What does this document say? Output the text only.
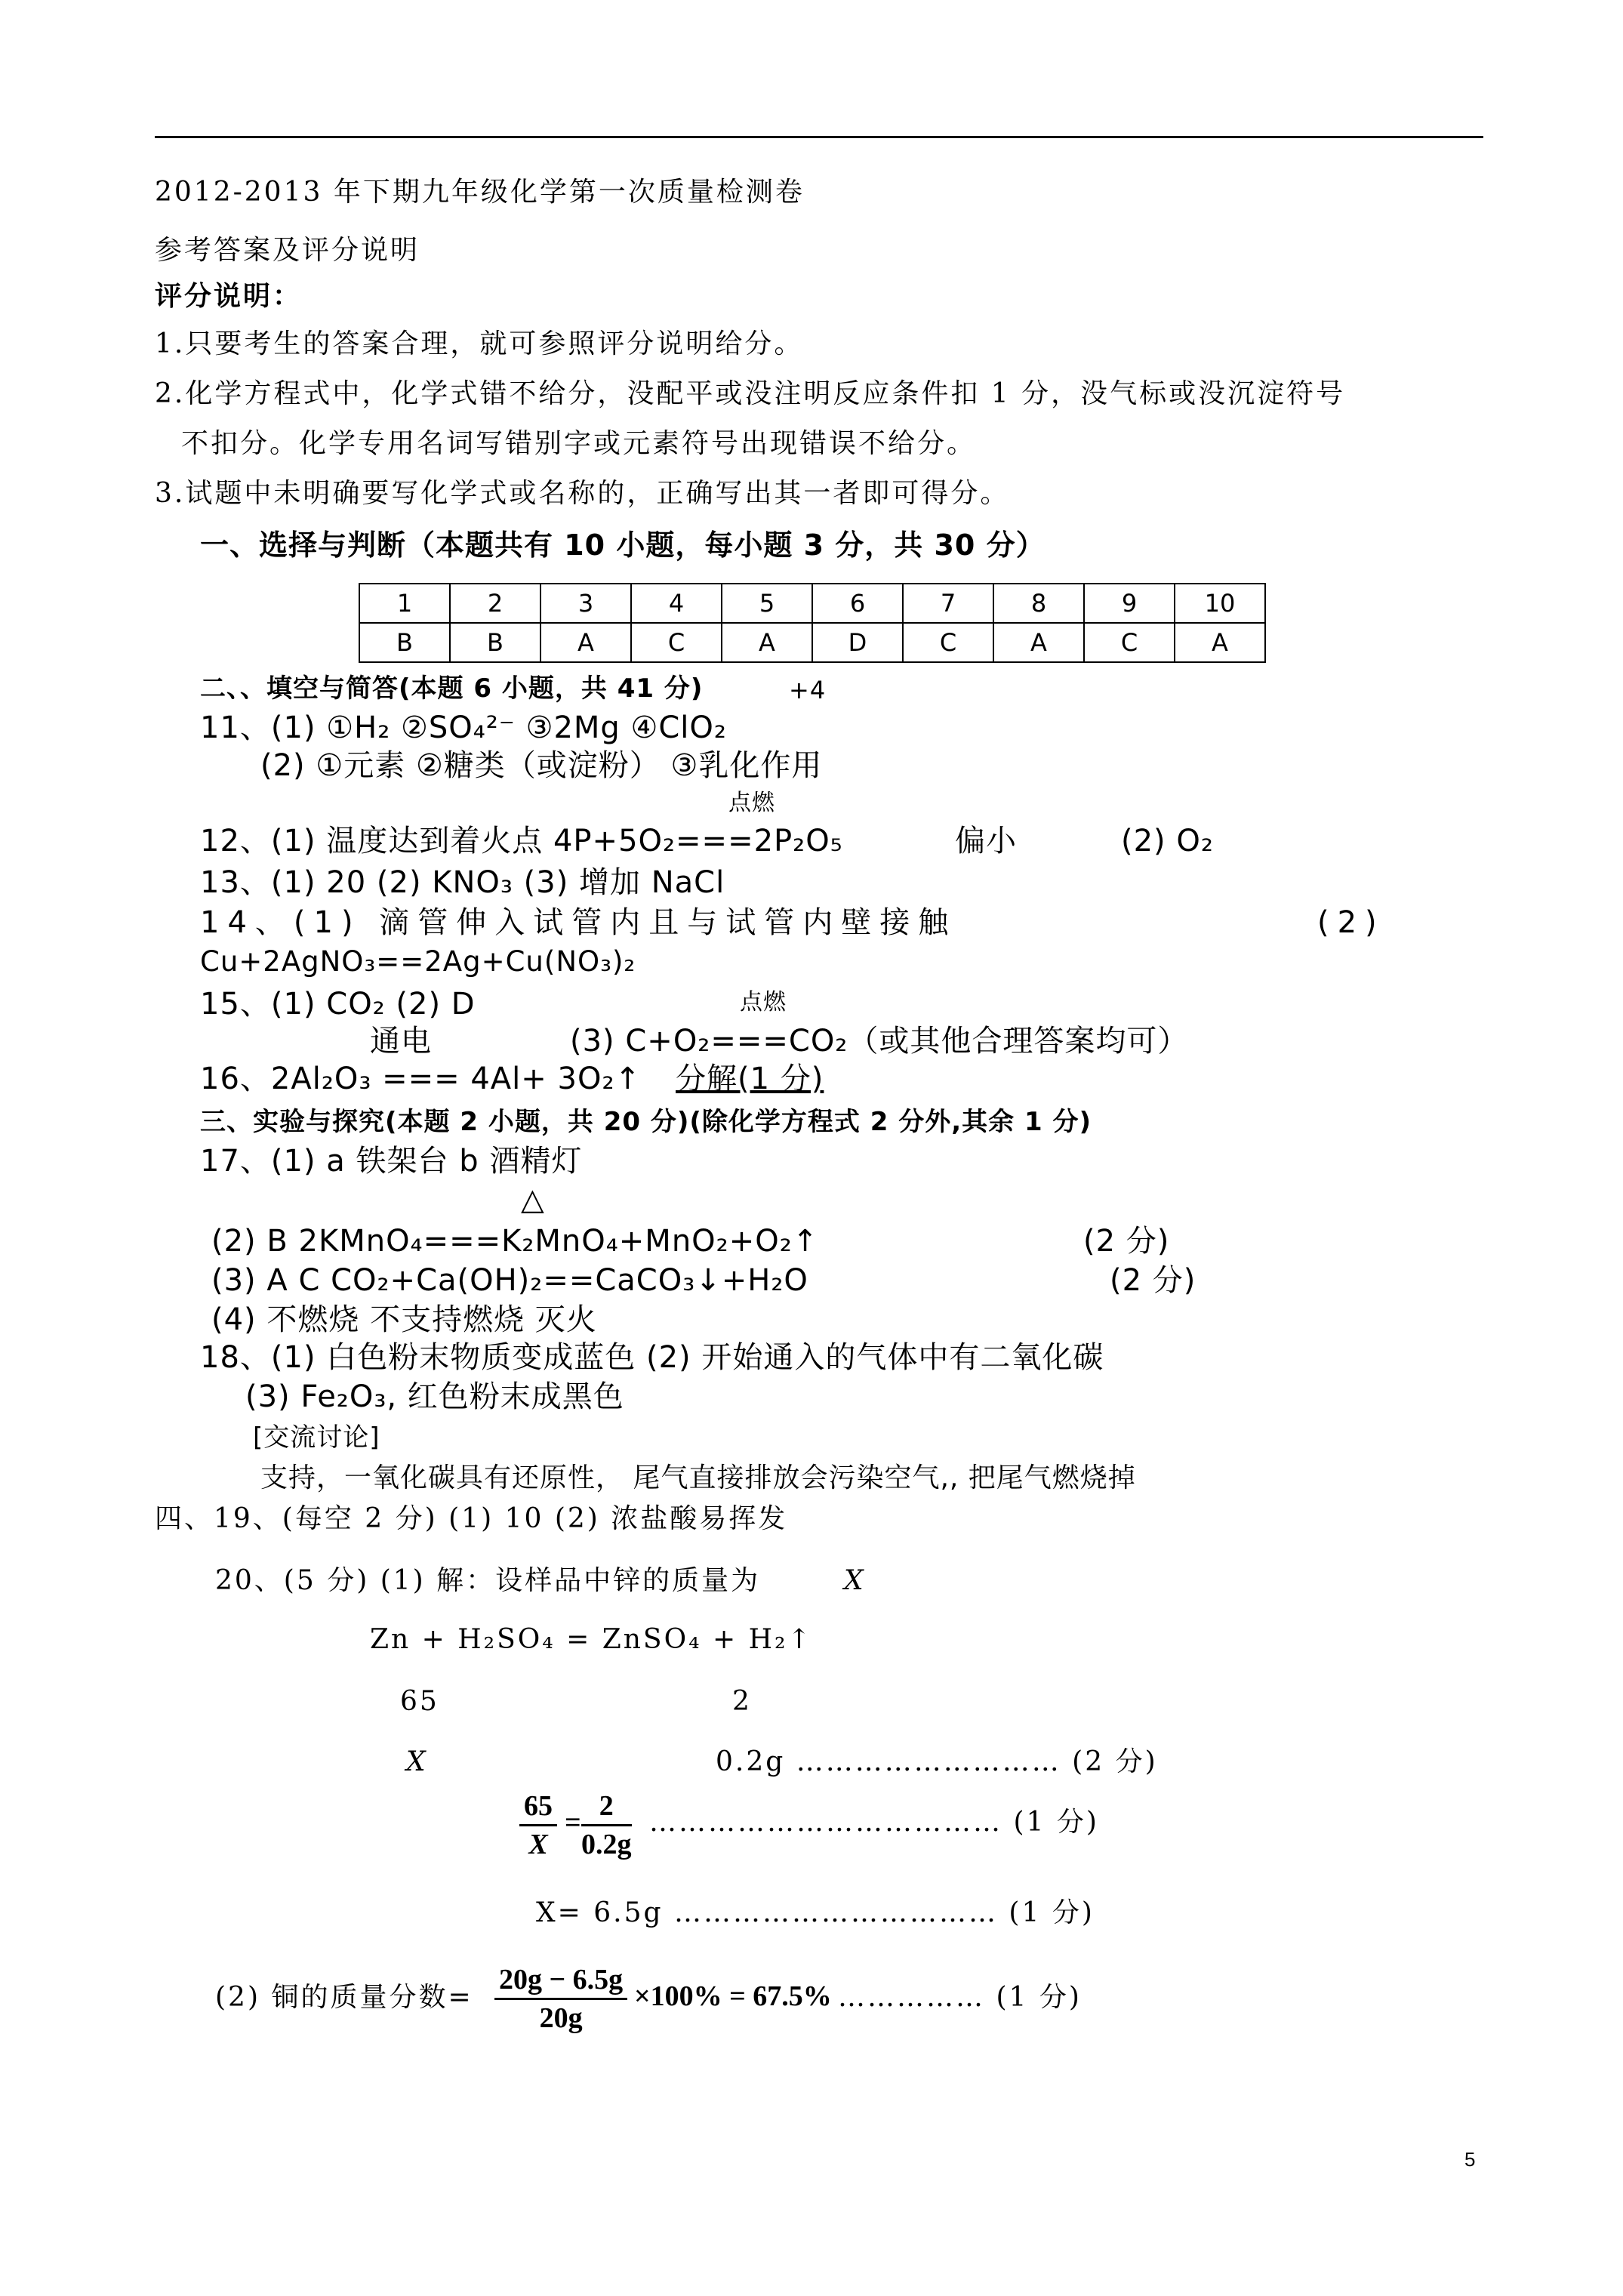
2012-2013 年下期九年级化学第一次质量检测卷
参考答案及评分说明
评分说明：
1.只要考生的答案合理，就可参照评分说明给分。
2.化学方程式中，化学式错不给分，没配平或没注明反应条件扣 1 分，没气标或没沉淀符号
不扣分。化学专用名词写错别字或元素符号出现错误不给分。
3.试题中未明确要写化学式或名称的，正确写出其一者即可得分。
一、选择与判断（本题共有 10 小题，每小题 3 分，共 30 分）
1	2	3	4	5	6	7	8	9	10
B	B	A	C	A	D	C	A	C	A
二、、填空与简答(本题 6 小题，共 41 分)	+4
11、(1) ①H₂ ②SO₄²⁻ ③2Mg ④ClO₂
(2) ①元素 ②糖类（或淀粉） ③乳化作用
点燃
12、(1) 温度达到着火点 4P+5O₂===2P₂O₅	偏小	(2) O₂
13、(1) 20 (2) KNO₃ (3) 增加 NaCl
14、(1) 滴管伸入试管内且与试管内壁接触	(2)
Cu+2AgNO₃==2Ag+Cu(NO₃)₂
15、(1) CO₂ (2) D	点燃
通电	(3) C+O₂===CO₂（或其他合理答案均可）
16、2Al₂O₃ === 4Al+ 3O₂↑ 分解(1 分)
三、实验与探究(本题 2 小题，共 20 分)(除化学方程式 2 分外,其余 1 分)
17、(1) a 铁架台 b 酒精灯
△
(2) B 2KMnO₄===K₂MnO₄+MnO₂+O₂↑	(2 分)
(3) A C CO₂+Ca(OH)₂==CaCO₃↓+H₂O	(2 分)
(4) 不燃烧 不支持燃烧 灭火
18、(1) 白色粉末物质变成蓝色 (2) 开始通入的气体中有二氧化碳
(3) Fe₂O₃, 红色粉末成黑色
[交流讨论]
支持，一氧化碳具有还原性， 尾气直接排放会污染空气,, 把尾气燃烧掉
四、19、(每空 2 分) (1) 10 (2) 浓盐酸易挥发
20、(5 分) (1) 解：设样品中锌的质量为	X
Zn + H₂SO₄ = ZnSO₄ + H₂↑
65	2
X	0.2g ……………………… (2 分)
$\frac{65}{X} = \frac{2}{0.2g}$ ……………………………… (1 分)
X= 6.5g …………………………… (1 分)
(2) 铜的质量分数= $\frac{20g - 6.5g}{20g} \times 100\% = 67.5\%$ …………… (1 分)
5
